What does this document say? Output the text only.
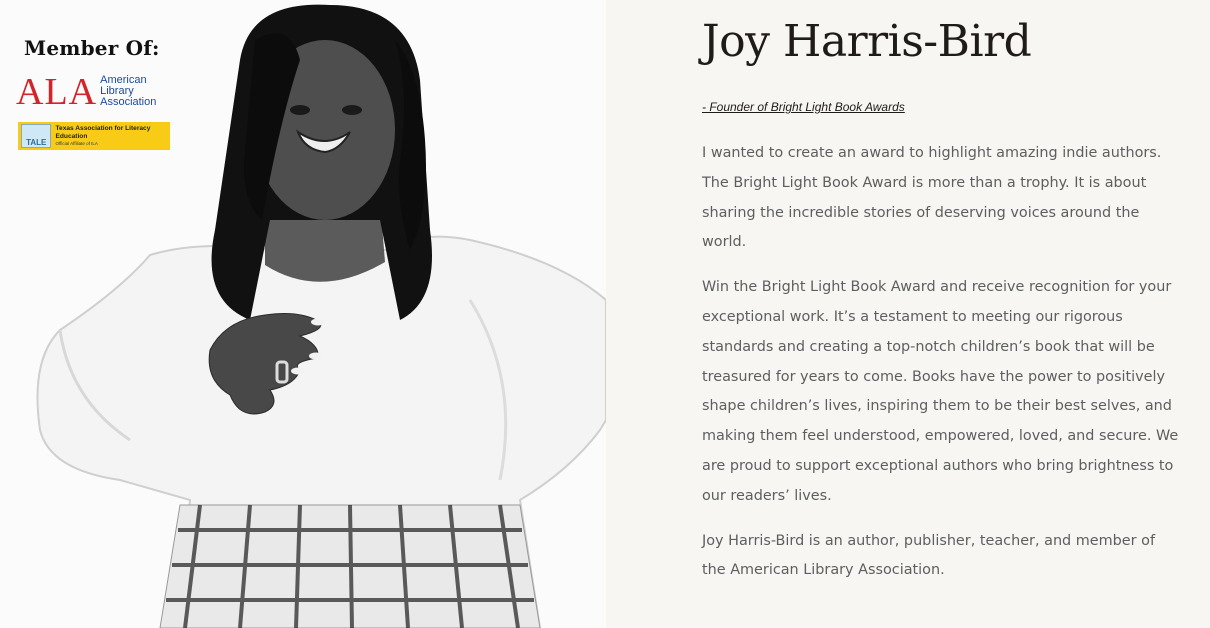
Member Of:
ALA American
Library
Association
TALE
Texas Association for Literacy Education
Official Affiliate of ILA
Joy Harris-Bird
- Founder of Bright Light Book Awards

I wanted to create an award to highlight amazing indie authors. The Bright Light Book Award is more than a trophy. It is about sharing the incredible stories of deserving voices around the world.

Win the Bright Light Book Award and receive recognition for your exceptional work. It’s a testament to meeting our rigorous standards and creating a top-notch children’s book that will be treasured for years to come. Books have the power to positively shape children’s lives, inspiring them to be their best selves, and making them feel understood, empowered, loved, and secure. We are proud to support exceptional authors who bring brightness to our readers’ lives.

Joy Harris-Bird is an author, publisher, teacher, and member of the American Library Association.
